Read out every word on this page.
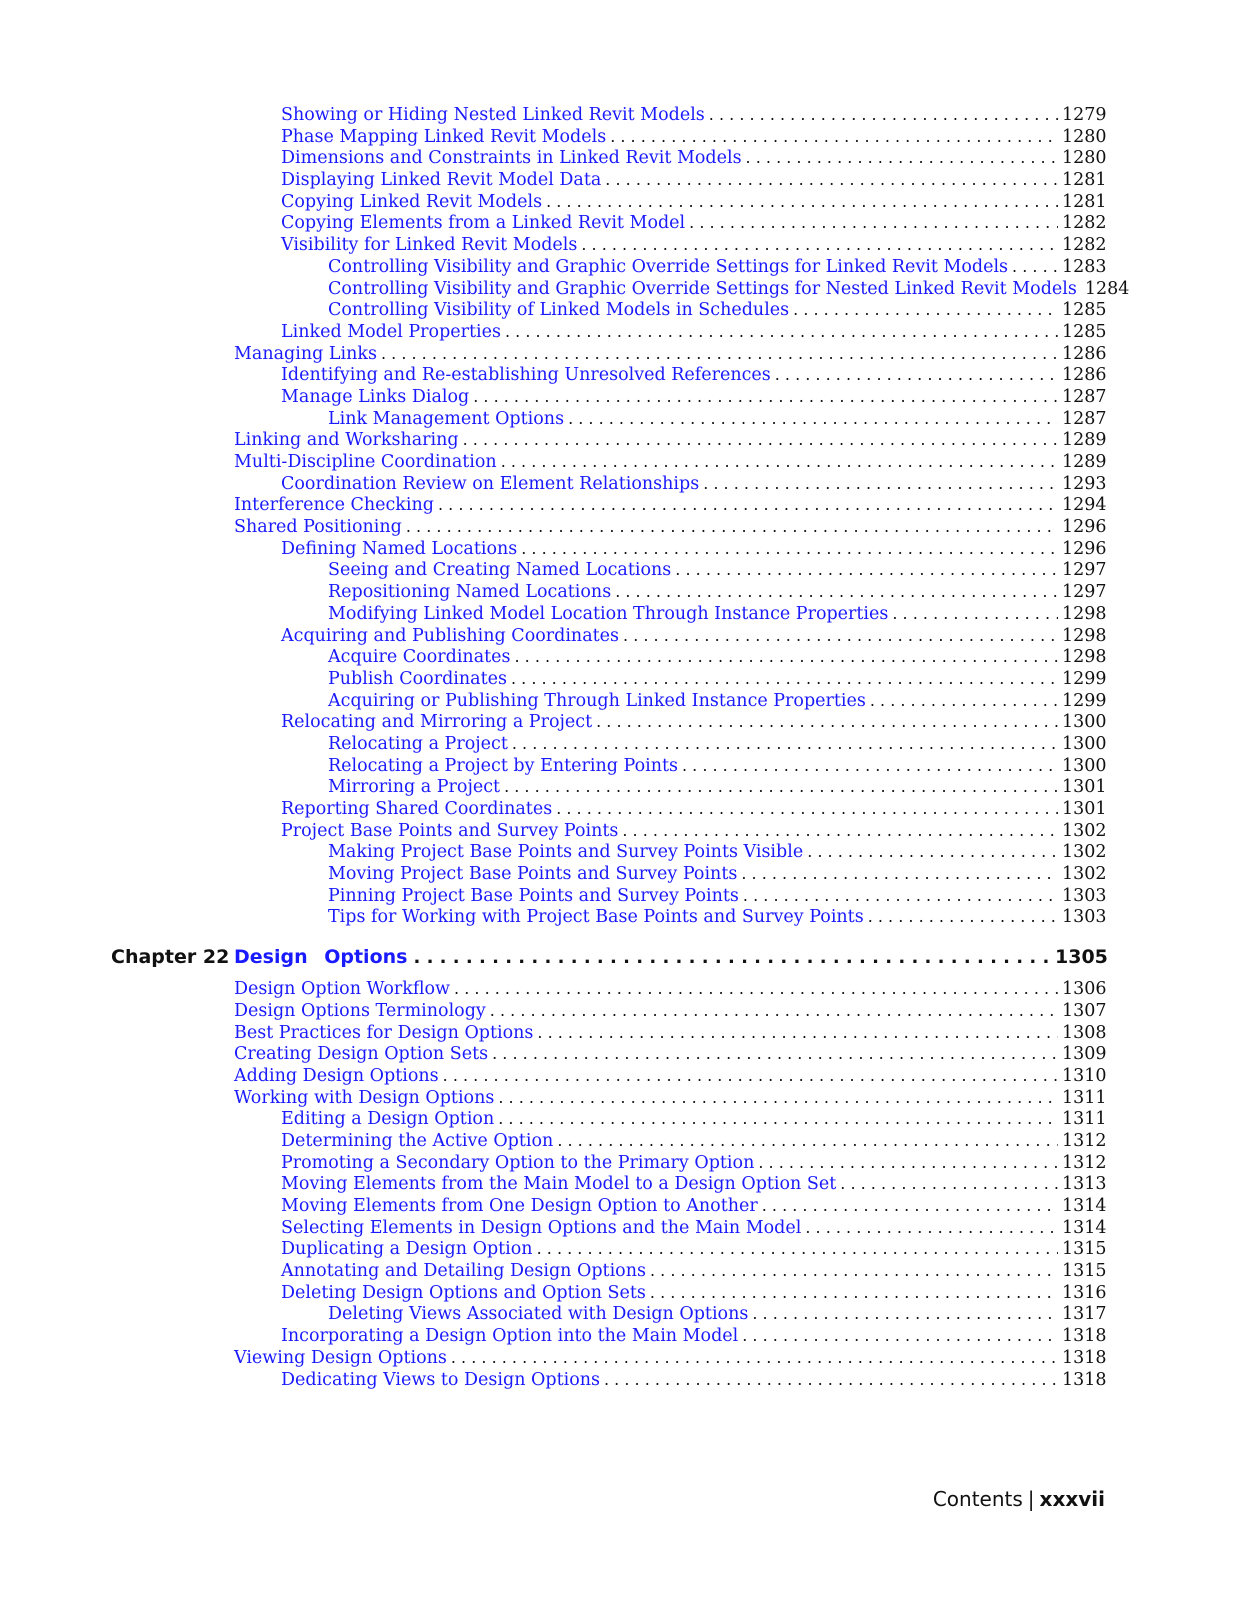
Showing or Hiding Nested Linked Revit Models . . .	1279
Phase Mapping Linked Revit Models . . .	1280
Dimensions and Constraints in Linked Revit Models . . .	1280
Displaying Linked Revit Model Data . . .	1281
Copying Linked Revit Models . . .	1281
Copying Elements from a Linked Revit Model . . .	1282
Visibility for Linked Revit Models . . .	1282
Controlling Visibility and Graphic Override Settings for Linked Revit Models . . .	1283
Controlling Visibility and Graphic Override Settings for Nested Linked Revit Models 1284
Controlling Visibility of Linked Models in Schedules . . .	1285
Linked Model Properties . . .	1285
Managing Links . . .	1286
Identifying and Re-establishing Unresolved References . . .	1286
Manage Links Dialog . . .	1287
Link Management Options . . .	1287
Linking and Worksharing . . .	1289
Multi-Discipline Coordination . . .	1289
Coordination Review on Element Relationships . . .	1293
Interference Checking . . .	1294
Shared Positioning . . .	1296
Defining Named Locations . . .	1296
Seeing and Creating Named Locations . . .	1297
Repositioning Named Locations . . .	1297
Modifying Linked Model Location Through Instance Properties . . .	1298
Acquiring and Publishing Coordinates . . .	1298
Acquire Coordinates . . .	1298
Publish Coordinates . . .	1299
Acquiring or Publishing Through Linked Instance Properties . . .	1299
Relocating and Mirroring a Project . . .	1300
Relocating a Project . . .	1300
Relocating a Project by Entering Points . . .	1300
Mirroring a Project . . .	1301
Reporting Shared Coordinates . . .	1301
Project Base Points and Survey Points . . .	1302
Making Project Base Points and Survey Points Visible . . .	1302
Moving Project Base Points and Survey Points . . .	1302
Pinning Project Base Points and Survey Points . . .	1303
Tips for Working with Project Base Points and Survey Points . . .	1303
Chapter 22 Design Options . . .	1305
Design Option Workflow . . .	1306
Design Options Terminology . . .	1307
Best Practices for Design Options . . .	1308
Creating Design Option Sets . . .	1309
Adding Design Options . . .	1310
Working with Design Options . . .	1311
Editing a Design Option . . .	1311
Determining the Active Option . . .	1312
Promoting a Secondary Option to the Primary Option . . .	1312
Moving Elements from the Main Model to a Design Option Set . . .	1313
Moving Elements from One Design Option to Another . . .	1314
Selecting Elements in Design Options and the Main Model . . .	1314
Duplicating a Design Option . . .	1315
Annotating and Detailing Design Options . . .	1315
Deleting Design Options and Option Sets . . .	1316
Deleting Views Associated with Design Options . . .	1317
Incorporating a Design Option into the Main Model . . .	1318
Viewing Design Options . . .	1318
Dedicating Views to Design Options . . .	1318
Contents | xxxvii
